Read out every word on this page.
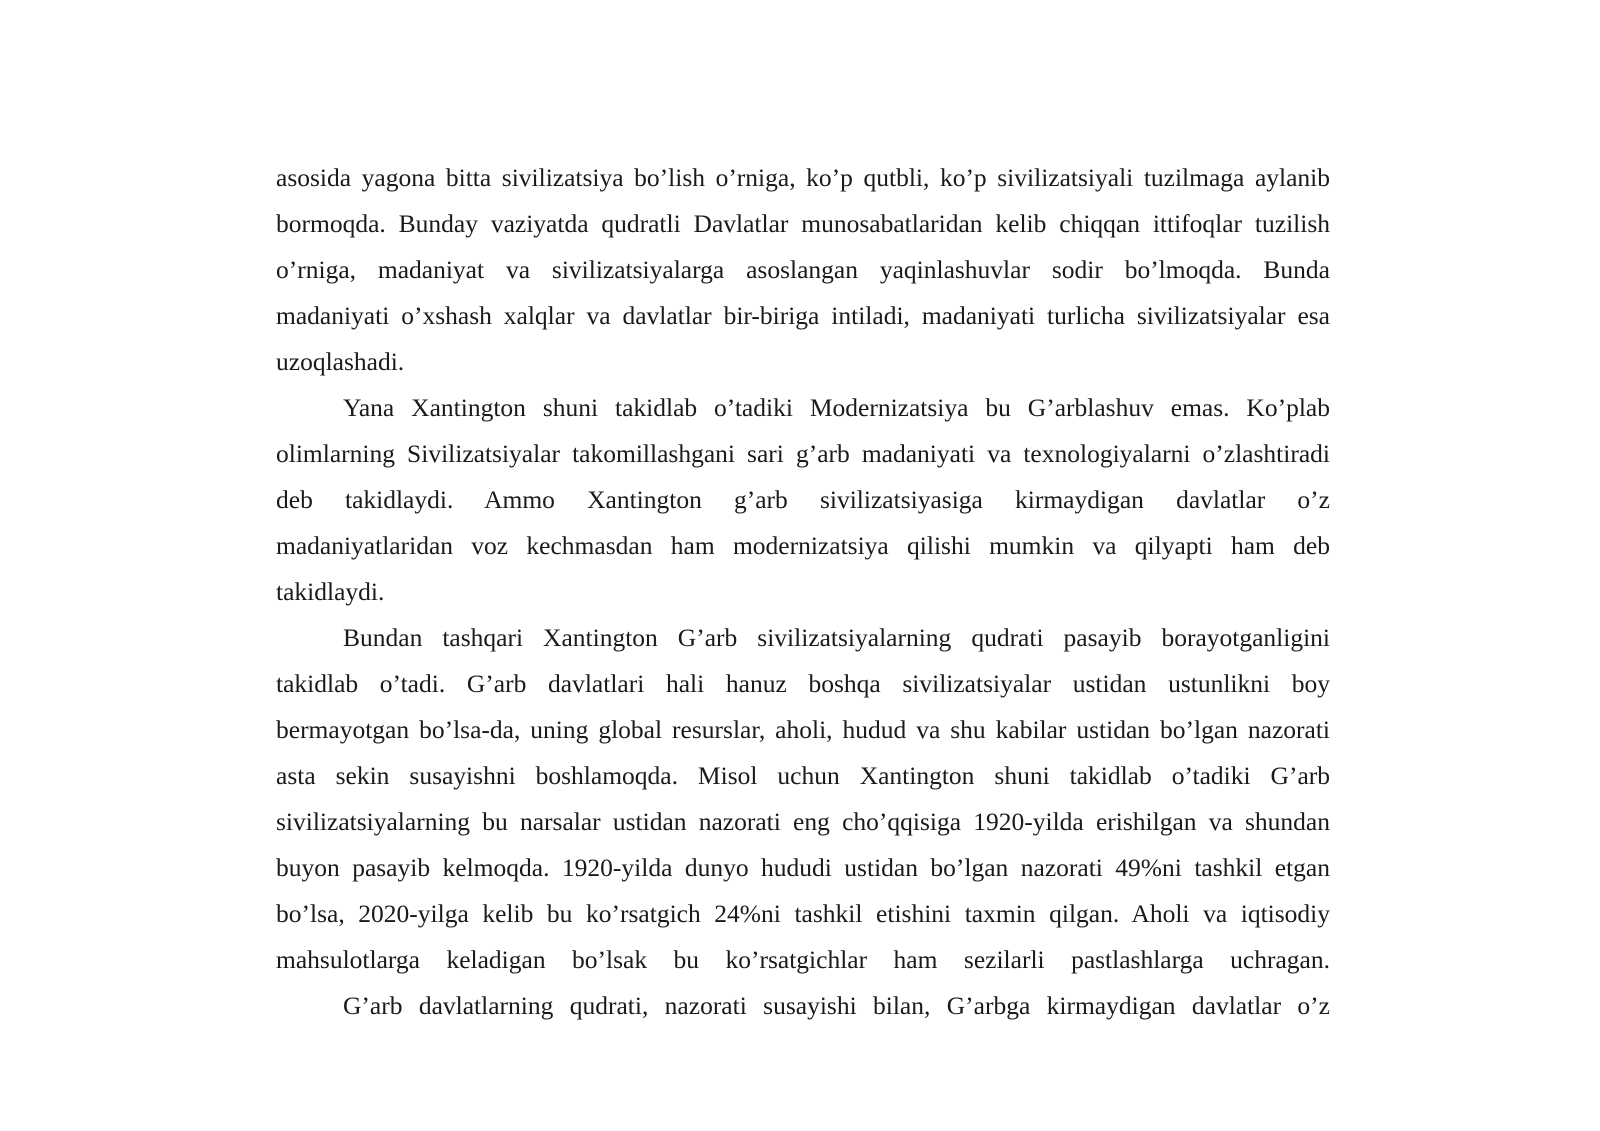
asosida yagona bitta sivilizatsiya bo’lish o’rniga, ko’p qutbli, ko’p sivilizatsiyali tuzilmaga aylanib
bormoqda. Bunday vaziyatda qudratli Davlatlar munosabatlaridan kelib chiqqan ittifoqlar tuzilish
o’rniga, madaniyat va sivilizatsiyalarga asoslangan yaqinlashuvlar sodir bo’lmoqda. Bunda
madaniyati o’xshash xalqlar va davlatlar bir-biriga intiladi, madaniyati turlicha sivilizatsiyalar esa
uzoqlashadi.
Yana Xantington shuni takidlab o’tadiki Modernizatsiya bu G’arblashuv emas. Ko’plab
olimlarning Sivilizatsiyalar takomillashgani sari g’arb madaniyati va texnologiyalarni o’zlashtiradi
deb takidlaydi. Ammo Xantington g’arb sivilizatsiyasiga kirmaydigan davlatlar o’z
madaniyatlaridan voz kechmasdan ham modernizatsiya qilishi mumkin va qilyapti ham deb
takidlaydi.
Bundan tashqari Xantington G’arb sivilizatsiyalarning qudrati pasayib borayotganligini
takidlab o’tadi. G’arb davlatlari hali hanuz boshqa sivilizatsiyalar ustidan ustunlikni boy
bermayotgan bo’lsa-da, uning global resurslar, aholi, hudud va shu kabilar ustidan bo’lgan nazorati
asta sekin susayishni boshlamoqda. Misol uchun Xantington shuni takidlab o’tadiki G’arb
sivilizatsiyalarning bu narsalar ustidan nazorati eng cho’qqisiga 1920-yilda erishilgan va shundan
buyon pasayib kelmoqda. 1920-yilda dunyo hududi ustidan bo’lgan nazorati 49%ni tashkil etgan
bo’lsa, 2020-yilga kelib bu ko’rsatgich 24%ni tashkil etishini taxmin qilgan. Aholi va iqtisodiy
mahsulotlarga keladigan bo’lsak bu ko’rsatgichlar ham sezilarli pastlashlarga uchragan.
G’arb davlatlarning qudrati, nazorati susayishi bilan, G’arbga kirmaydigan davlatlar o’z
